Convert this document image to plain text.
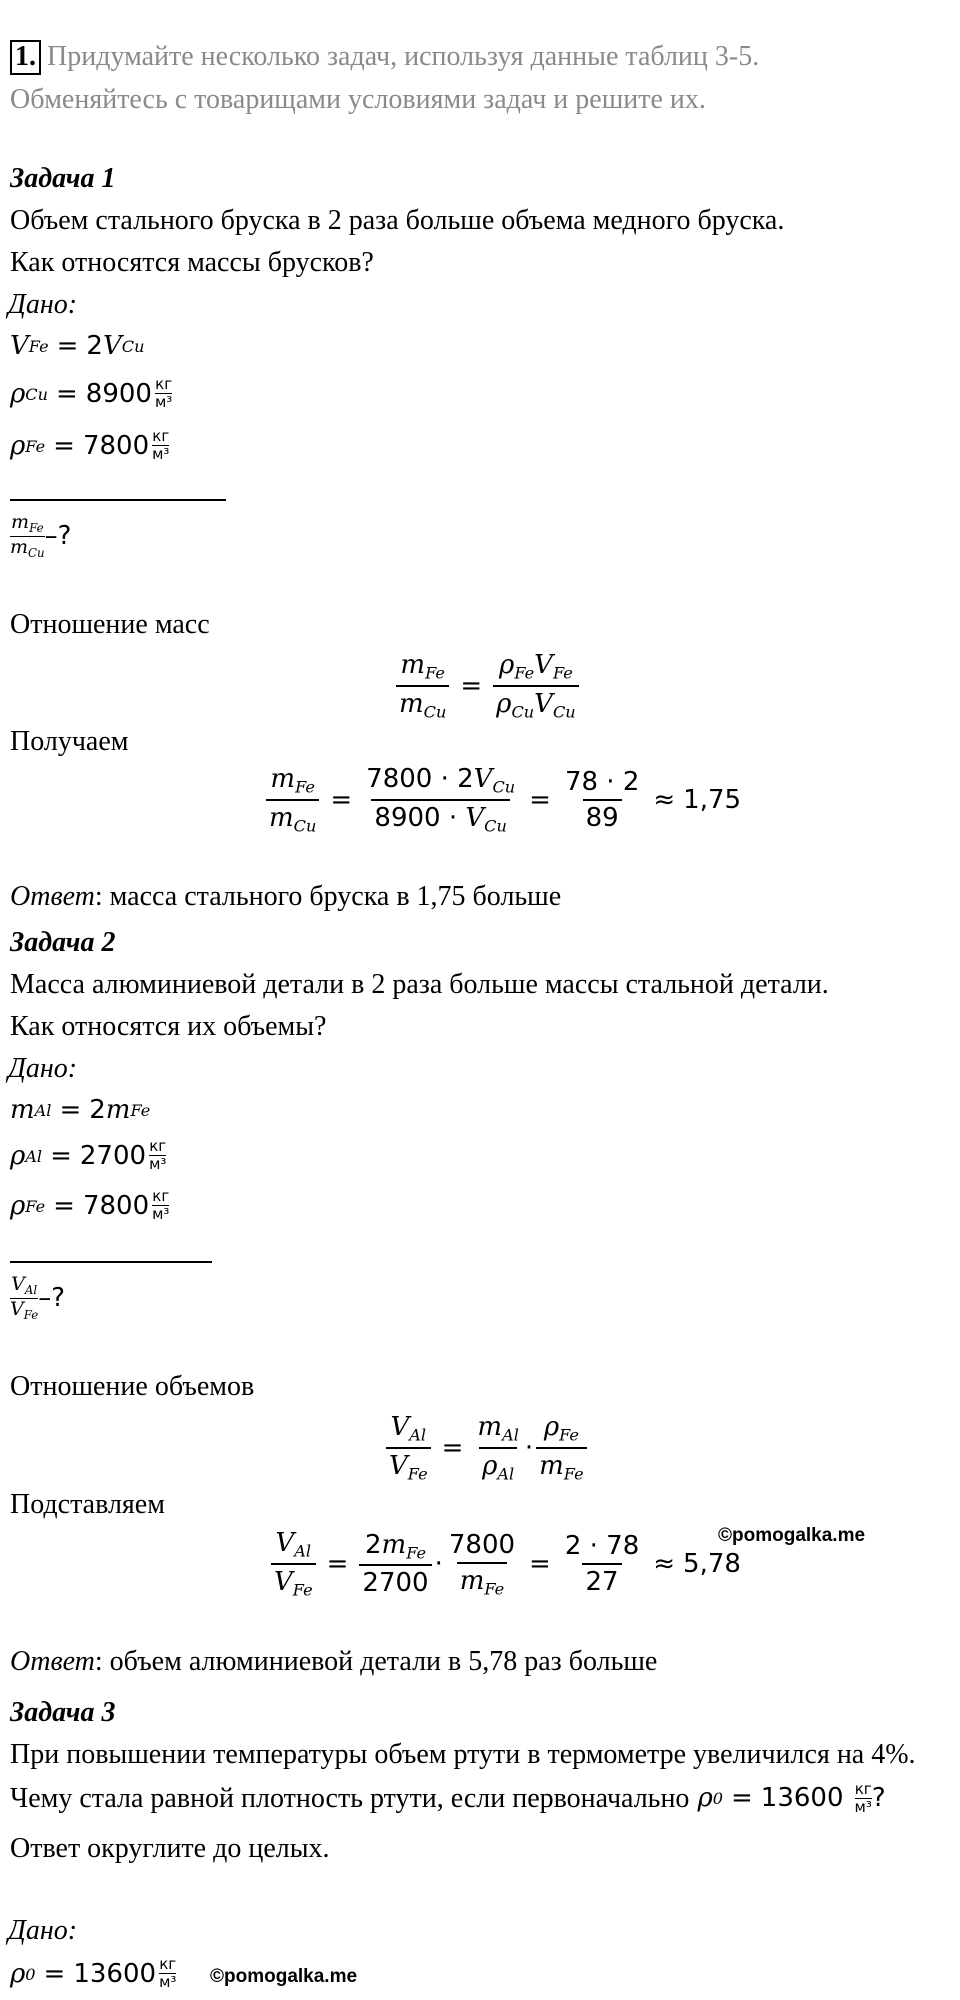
1. Придумайте несколько задач, используя данные таблиц 3-5.
Обменяйтесь с товарищами условиями задач и решите их.
Задача 1
Объем стального бруска в 2 раза больше объема медного бруска.
Как относятся массы брусков?
Дано:
V Fe = 2 V Cu
ρ Cu = 8900 кг
м³
ρ Fe = 7800 кг
м³
$m_{Fe}$
$m_{Cu}$
–?
Отношение масс
$\frac{m_{Fe}}{m_{Cu}} = \frac{\rho_{Fe}V_{Fe}}{\rho_{Cu}V_{Cu}}$
Получаем
$\frac{m_{Fe}}{m_{Cu}} = \frac{7800 \cdot 2V_{Cu}}{8900 \cdot V_{Cu}} = \frac{78 \cdot 2}{89} \approx 1,75$
Ответ: масса стального бруска в 1,75 больше
Задача 2
Масса алюминиевой детали в 2 раза больше массы стальной детали.
Как относятся их объемы?
Дано:
m Al = 2 m Fe
ρ Al = 2700 кг
м³
ρ Fe = 7800 кг
м³
$V_{Al}$
$V_{Fe}$
–?
Отношение объемов
$\frac{V_{Al}}{V_{Fe}} = \frac{m_{Al}}{\rho_{Al}} \cdot \frac{\rho_{Fe}}{m_{Fe}}$
Подставляем
$\frac{V_{Al}}{V_{Fe}} = \frac{2m_{Fe}}{2700} \cdot \frac{7800}{m_{Fe}} = \frac{2 \cdot 78}{27} \approx 5,78$
©pomogalka.me
Ответ: объем алюминиевой детали в 5,78 раз больше
Задача 3
При повышении температуры объем ртути в термометре увеличился на 4%.
Чему стала равной плотность ртути, если первоначально ρ 0 = 13600 кг
м³ ?
Ответ округлите до целых.
Дано:
ρ 0 = 13600 кг
м³ ©pomogalka.me
